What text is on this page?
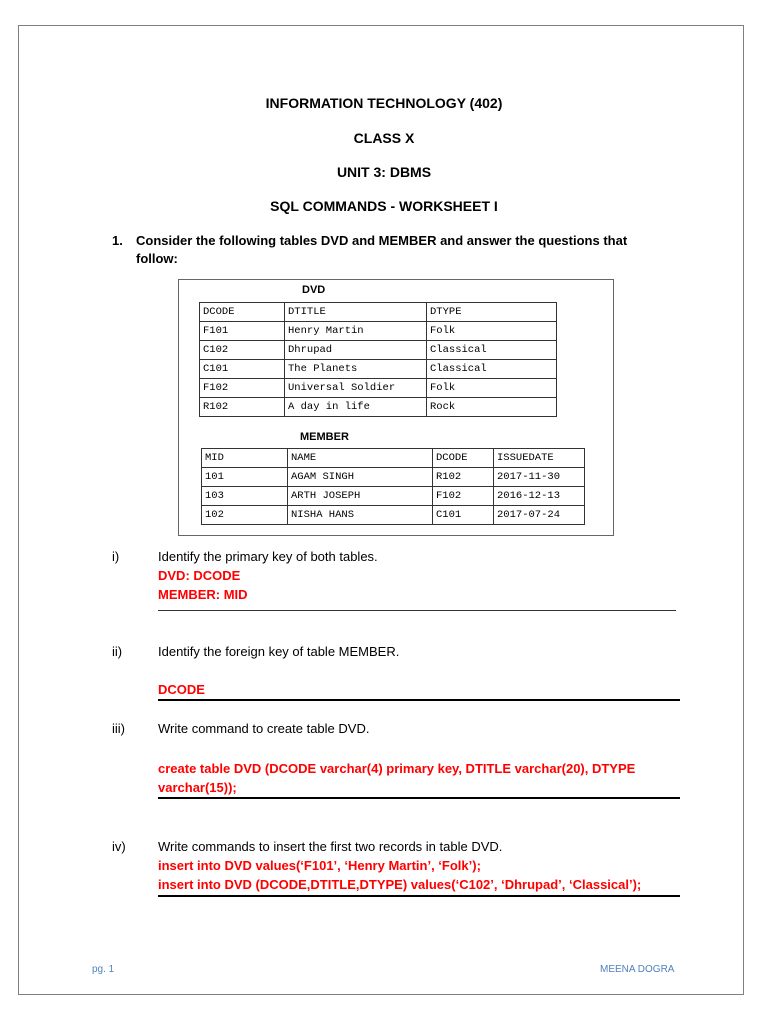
INFORMATION TECHNOLOGY (402)
CLASS X
UNIT 3: DBMS
SQL COMMANDS - WORKSHEET I
1. Consider the following tables DVD and MEMBER and answer the questions that follow:
DVD
DCODE	DTITLE	DTYPE
F101	Henry Martin	Folk
C102	Dhrupad	Classical
C101	The Planets	Classical
F102	Universal Soldier	Folk
R102	A day in life	Rock
MEMBER
MID	NAME	DCODE	ISSUEDATE
101	AGAM SINGH	R102	2017-11-30
103	ARTH JOSEPH	F102	2016-12-13
102	NISHA HANS	C101	2017-07-24
i)	Identify the primary key of both tables.
DVD: DCODE
MEMBER: MID
ii)	Identify the foreign key of table MEMBER.
DCODE
iii)	Write command to create table DVD.
create table DVD (DCODE varchar(4) primary key, DTITLE varchar(20), DTYPE
varchar(15));
iv) Write commands to insert the first two records in table DVD.
insert into DVD values(‘F101’, ‘Henry Martin’, ‘Folk’);
insert into DVD (DCODE,DTITLE,DTYPE) values(‘C102’, ‘Dhrupad’, ‘Classical’);
pg. 1	MEENA DOGRA
